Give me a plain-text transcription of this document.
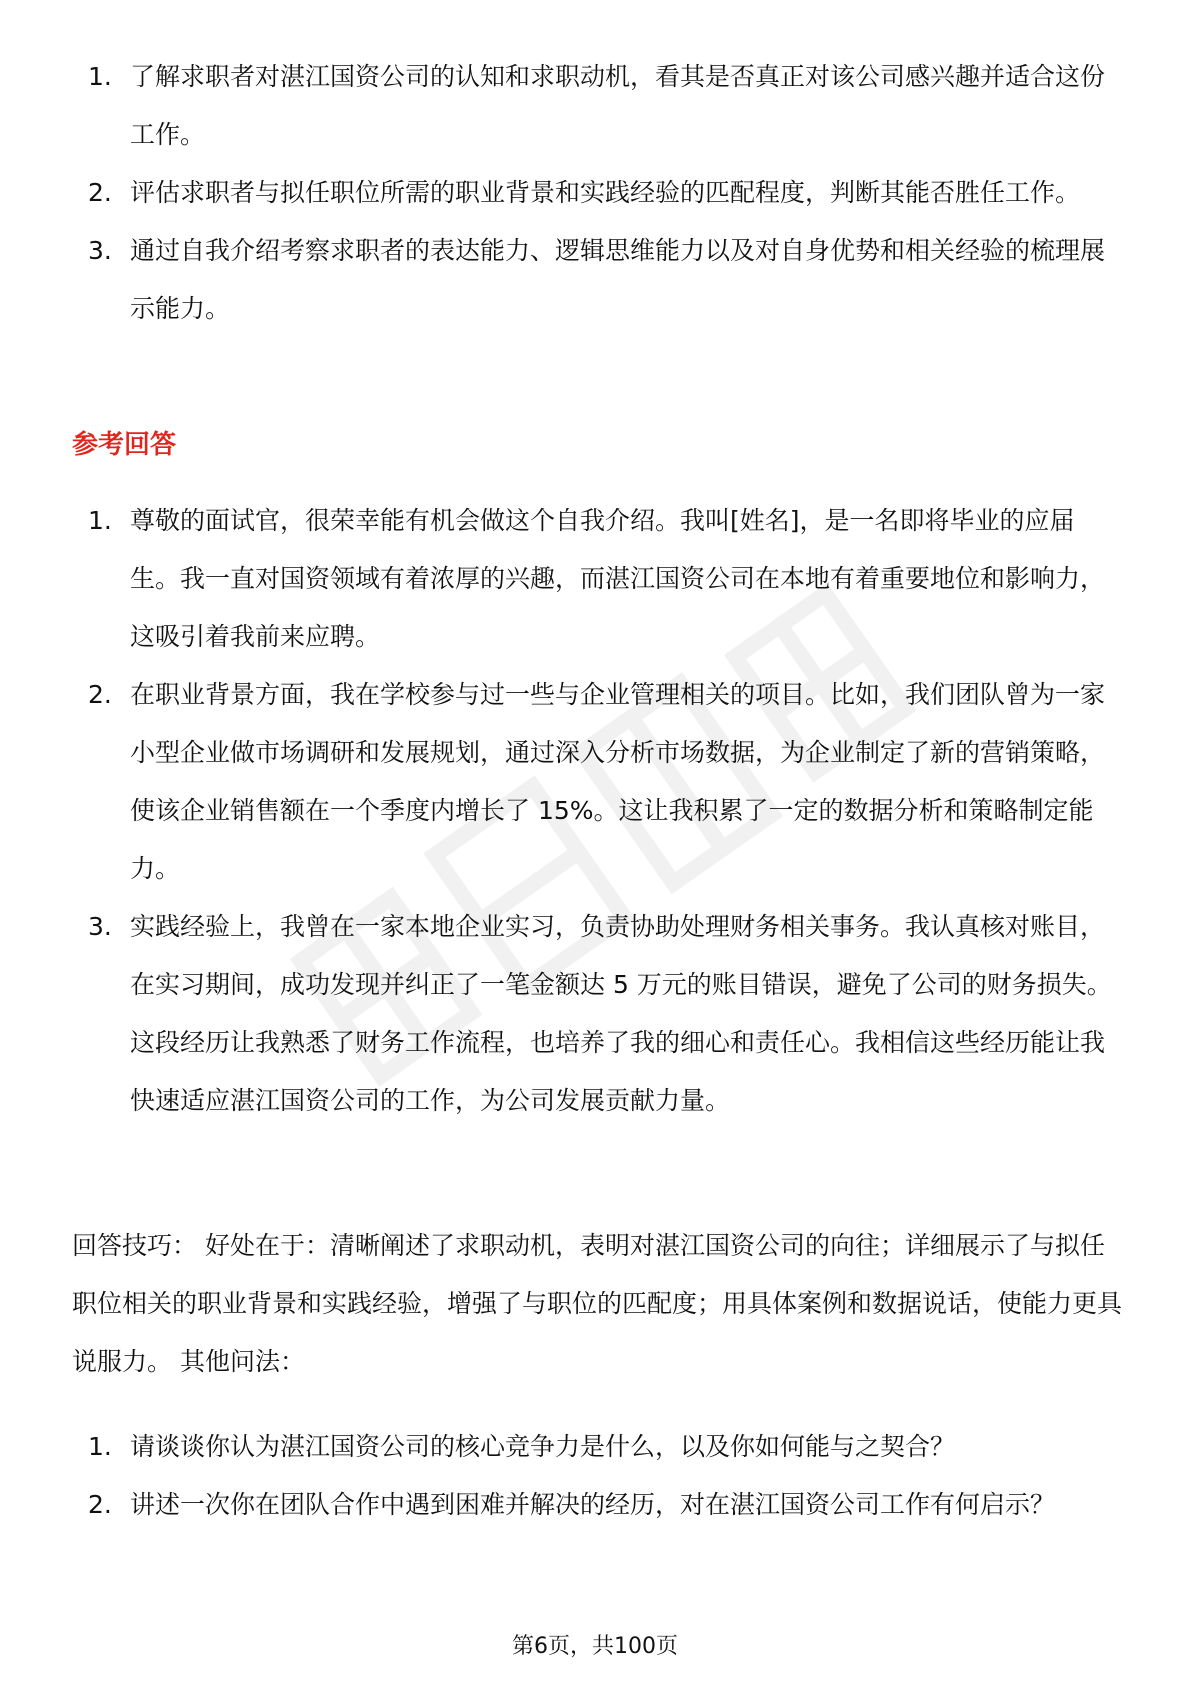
1. 了解求职者对湛江国资公司的认知和求职动机，看其是否真正对该公司感兴趣并适合这份工作。
2. 评估求职者与拟任职位所需的职业背景和实践经验的匹配程度，判断其能否胜任工作。
3. 通过自我介绍考察求职者的表达能力、逻辑思维能力以及对自身优势和相关经验的梳理展示能力。
参考回答
1. 尊敬的面试官，很荣幸能有机会做这个自我介绍。我叫[姓名]，是一名即将毕业的应届生。我一直对国资领域有着浓厚的兴趣，而湛江国资公司在本地有着重要地位和影响力，这吸引着我前来应聘。
2. 在职业背景方面，我在学校参与过一些与企业管理相关的项目。比如，我们团队曾为一家小型企业做市场调研和发展规划，通过深入分析市场数据，为企业制定了新的营销策略，使该企业销售额在一个季度内增长了 15%。这让我积累了一定的数据分析和策略制定能力。
3. 实践经验上，我曾在一家本地企业实习，负责协助处理财务相关事务。我认真核对账目，在实习期间，成功发现并纠正了一笔金额达 5 万元的账目错误，避免了公司的财务损失。这段经历让我熟悉了财务工作流程，也培养了我的细心和责任心。我相信这些经历能让我快速适应湛江国资公司的工作，为公司发展贡献力量。

回答技巧： 好处在于：清晰阐述了求职动机，表明对湛江国资公司的向往；详细展示了与拟任职位相关的职业背景和实践经验，增强了与职位的匹配度；用具体案例和数据说话，使能力更具说服力。 其他问法：

1. 请谈谈你认为湛江国资公司的核心竞争力是什么，以及你如何能与之契合？
2. 讲述一次你在团队合作中遇到困难并解决的经历，对在湛江国资公司工作有何启示？
第6页，共100页
